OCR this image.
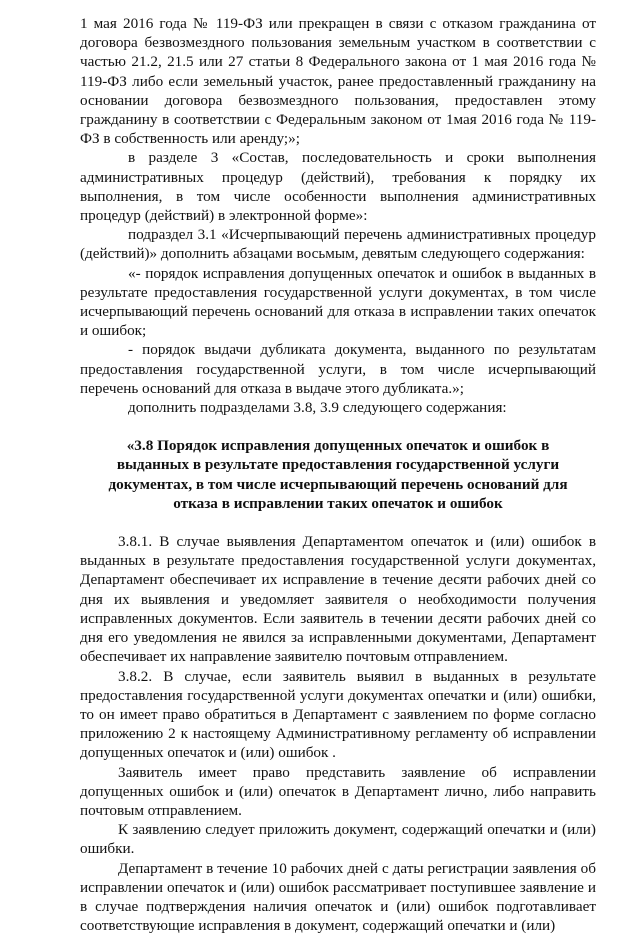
1 мая 2016 года № 119-ФЗ или прекращен в связи с отказом гражданина от договора безвозмездного пользования земельным участком в соответствии с частью 21.2, 21.5 или 27 статьи 8 Федерального закона от 1 мая 2016 года № 119-ФЗ либо если земельный участок, ранее предоставленный гражданину на основании договора безвозмездного пользования, предоставлен этому гражданину в соответствии с Федеральным законом от 1мая 2016 года № 119-ФЗ в собственность или аренду;»;

в разделе 3 «Состав, последовательность и сроки выполнения административных процедур (действий), требования к порядку их выполнения, в том числе особенности выполнения административных процедур (действий) в электронной форме»:

подраздел 3.1 «Исчерпывающий перечень административных процедур (действий)» дополнить абзацами восьмым, девятым следующего содержания:

«- порядок исправления допущенных опечаток и ошибок в выданных в результате предоставления государственной услуги документах, в том числе исчерпывающий перечень оснований для отказа в исправлении таких опечаток и ошибок;

- порядок выдачи дубликата документа, выданного по результатам предоставления государственной услуги, в том числе исчерпывающий перечень оснований для отказа в выдаче этого дубликата.»;

дополнить подразделами 3.8, 3.9 следующего содержания:

«3.8 Порядок исправления допущенных опечаток и ошибок в выданных в результате предоставления государственной услуги документах, в том числе исчерпывающий перечень оснований для отказа в исправлении таких опечаток и ошибок

3.8.1. В случае выявления Департаментом опечаток и (или) ошибок в выданных в результате предоставления государственной услуги документах, Департамент обеспечивает их исправление в течение десяти рабочих дней со дня их выявления и уведомляет заявителя о необходимости получения исправленных документов. Если заявитель в течении десяти рабочих дней со дня его уведомления не явился за исправленными документами, Департамент обеспечивает их направление заявителю почтовым отправлением.

3.8.2. В случае, если заявитель выявил в выданных в результате предоставления государственной услуги документах опечатки и (или) ошибки, то он имеет право обратиться в Департамент с заявлением по форме согласно приложению 2 к настоящему Административному регламенту об исправлении допущенных опечаток и (или) ошибок .

Заявитель имеет право представить заявление об исправлении допущенных ошибок и (или) опечаток в Департамент лично, либо направить почтовым отправлением.

К заявлению следует приложить документ, содержащий опечатки и (или) ошибки.

Департамент в течение 10 рабочих дней с даты регистрации заявления об исправлении опечаток и (или) ошибок рассматривает поступившее заявление и в случае подтверждения наличия опечаток и (или) ошибок подготавливает соответствующие исправления в документ, содержащий опечатки и (или)
